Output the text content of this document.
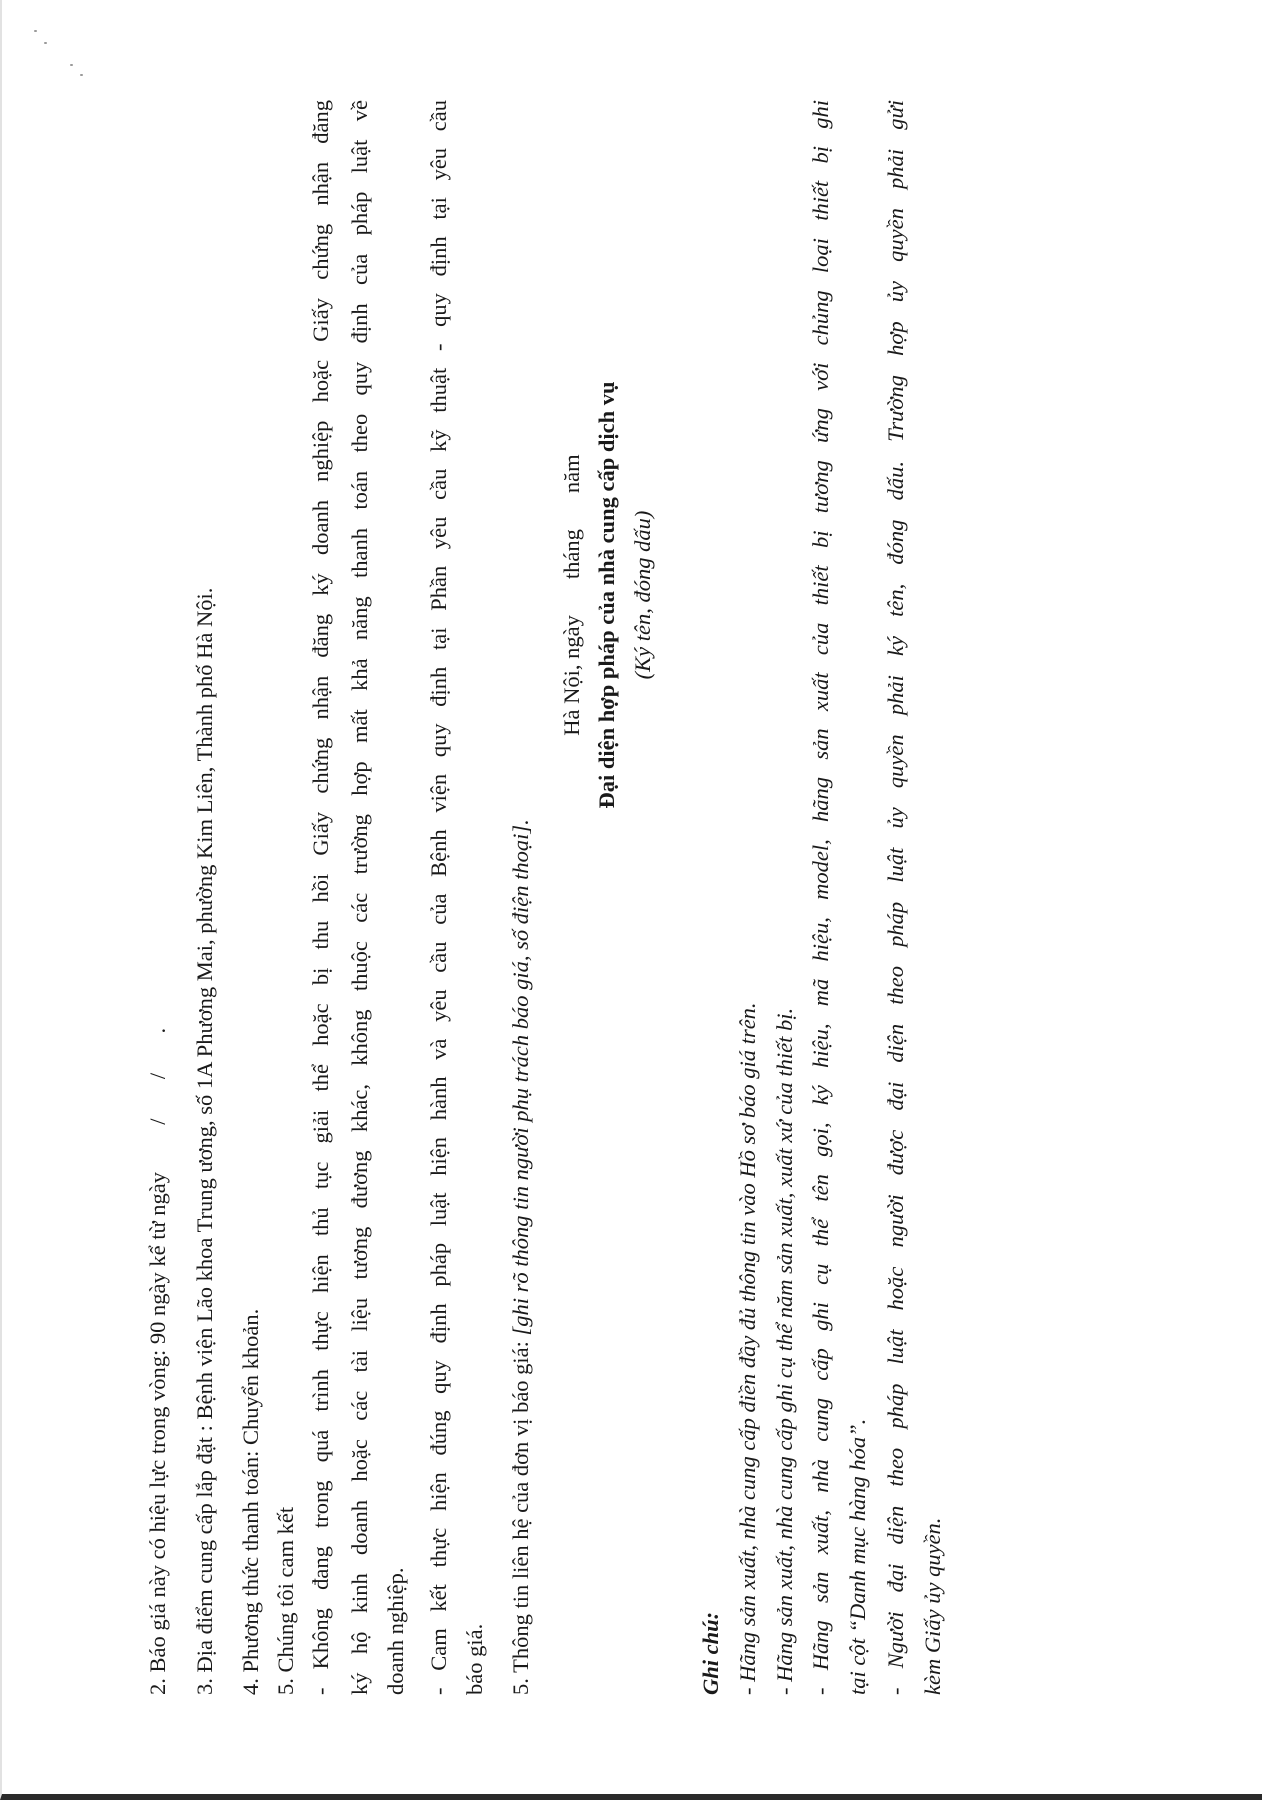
2. Báo giá này có hiệu lực trong vòng: 90 ngày kể từ ngày  /       /       . 3. Địa điểm cung cấp lắp đặt : Bệnh viện Lão khoa Trung ương, số 1A Phương Mai, phường Kim Liên, Thành phố Hà Nội. 4. Phương thức thanh toán: Chuyển khoản. 5. Chúng tôi cam kết - Không đang trong quá trình thực hiện thủ tục giải thể hoặc bị thu hồi Giấy chứng nhận đăng ký doanh nghiệp hoặc Giấy chứng nhận đăng ký hộ kinh doanh hoặc các tài liệu tương đương khác, không thuộc các trường hợp mất khả năng thanh toán theo quy định của pháp luật về doanh nghiệp. - Cam kết thực hiện đúng quy định pháp luật hiện hành và yêu cầu của Bệnh viện quy định tại Phần yêu cầu kỹ thuật - quy định tại yêu cầu báo giá. 5. Thông tin liên hệ của đơn vị báo giá: [ghi rõ thông tin người phụ trách báo giá, số điện thoại].
Hà Nội, ngàythángnăm Đại diện hợp pháp của nhà cung cấp dịch vụ (Ký tên, đóng dấu)
Ghi chú: - Hãng sản xuất, nhà cung cấp điền đầy đủ thông tin vào Hồ sơ báo giá trên. - Hãng sản xuất, nhà cung cấp ghi cụ thể năm sản xuất, xuất xứ của thiết bị. - Hãng sản xuất, nhà cung cấp ghi cụ thể tên gọi, ký hiệu, mã hiệu, model, hãng sản xuất của thiết bị tương ứng với chủng loại thiết bị ghi tại cột “Danh mục hàng hóa”. - Người đại diện theo pháp luật hoặc người được đại diện theo pháp luật ủy quyền phải ký tên, đóng dấu. Trường hợp ủy quyền phải gửi kèm Giấy ủy quyền.
